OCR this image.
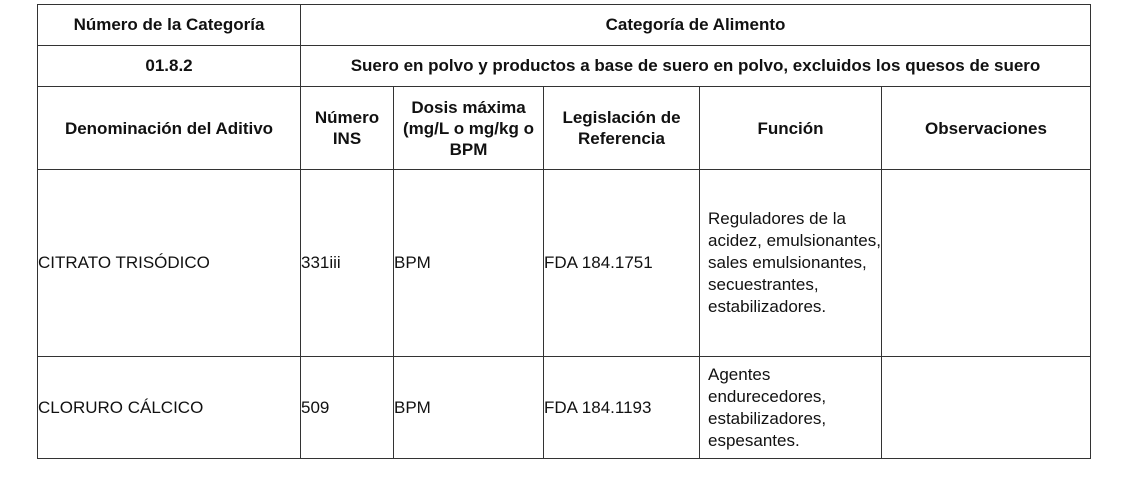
Número de la Categoría	Categoría de Alimento				
01.8.2	Suero en polvo y productos a base de suero en polvo, excluidos los quesos de suero				
Denominación del Aditivo	Número INS	Dosis máxima (mg/L o mg/kg o BPM	Legislación de Referencia	Función	Observaciones
CITRATO TRISÓDICO	331iii	BPM	FDA 184.1751	Reguladores de la acidez, emulsionantes, sales emulsionantes, secuestrantes, estabilizadores.	
CLORURO CÁLCICO	509	BPM	FDA 184.1193	Agentes endurecedores, estabilizadores, espesantes.	
